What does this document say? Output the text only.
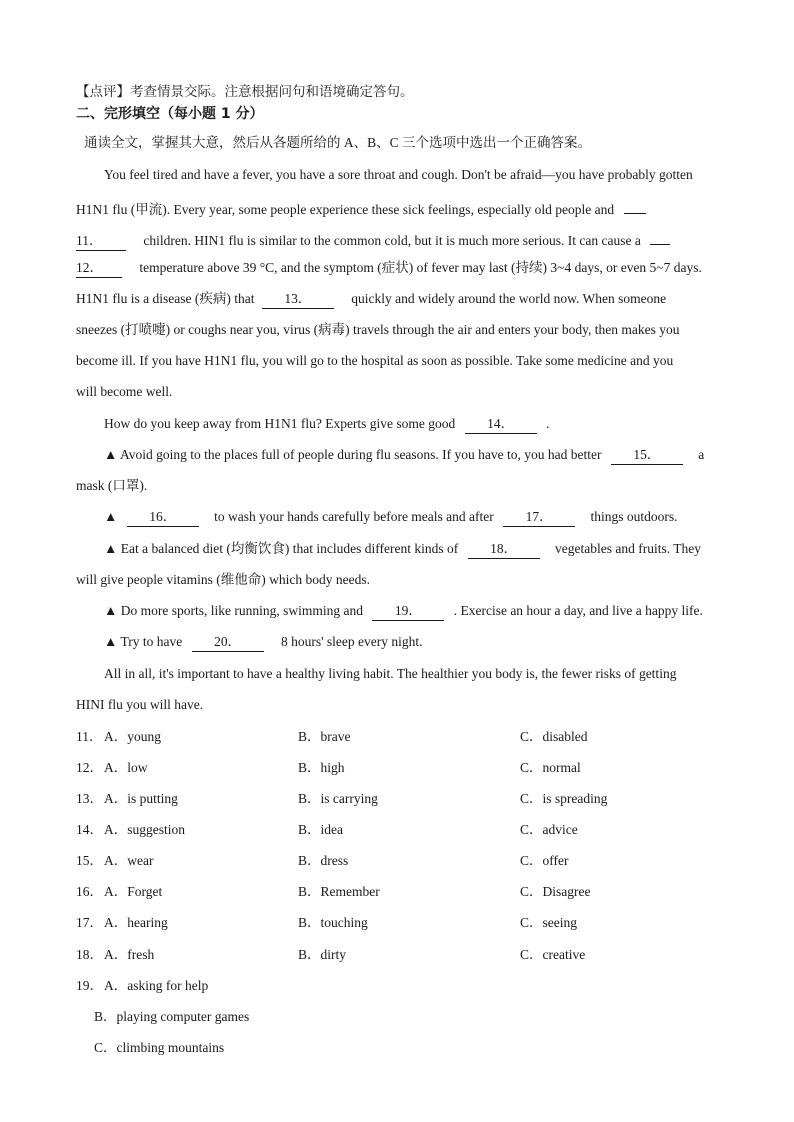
【点评】考查情景交际。注意根据问句和语境确定答句。
二、完形填空（每小题 1 分）
通读全文，掌握其大意，然后从各题所给的 A、B、C 三个选项中选出一个正确答案。
You feel tired and have a fever, you have a sore throat and cough. Don't be afraid—you have probably gotten
H1N1 flu (甲流). Every year, some people experience these sick feelings, especially old people and
11．	children. HIN1 flu is similar to the common cold, but it is much more serious. It can cause a
12．	temperature above 39 °C, and the symptom (症状) of fever may last (持续) 3~4 days, or even 5~7 days.
H1N1 flu is a disease (疾病) that 13．	quickly and widely around the world now. When someone
sneezes (打喷嚏) or coughs near you, virus (病毒) travels through the air and enters your body, then makes you
become ill. If you have H1N1 flu, you will go to the hospital as soon as possible. Take some medicine and you
will become well.
How do you keep away from H1N1 flu? Experts give some good 14． .
▲ Avoid going to the places full of people during flu seasons. If you have to, you had better 15．	a
mask (口罩).
▲ 16．	to wash your hands carefully before meals and after 17．	things outdoors.
▲ Eat a balanced diet (均衡饮食) that includes different kinds of 18．	vegetables and fruits. They
will give people vitamins (维他命) which body needs.
▲ Do more sports, like running, swimming and 19． . Exercise an hour a day, and live a happy life.
▲ Try to have 20．	8 hours' sleep every night.
All in all, it's important to have a healthy living habit. The healthier you body is, the fewer risks of getting
HINI flu you will have.
11． A．young	B．brave	C．disabled
12． A．low	B．high	C．normal
13． A．is putting	B．is carrying	C．is spreading
14． A．suggestion	B．idea	C．advice
15． A．wear	B．dress	C．offer
16． A．Forget	B．Remember	C．Disagree
17． A．hearing	B．touching	C．seeing
18． A．fresh	B．dirty	C．creative
19． A．asking for help
B．playing computer games
C．climbing mountains
